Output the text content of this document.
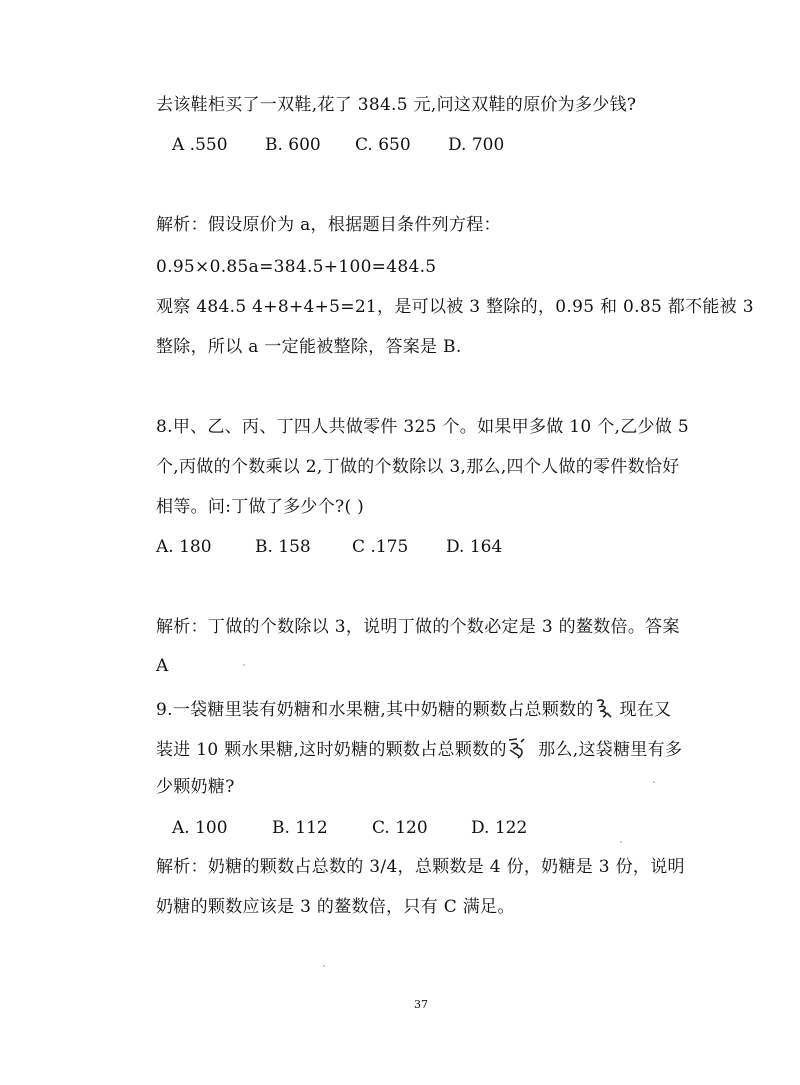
去该鞋柜买了一双鞋,花了 384.5 元,问这双鞋的原价为多少钱?
A .550 B. 600 C. 650 D. 700
解析：假设原价为 a，根据题目条件列方程：
0.95×0.85a=384.5+100=484.5
观察 484.5 4+8+4+5=21，是可以被 3 整除的，0.95 和 0.85 都不能被 3
整除，所以 a 一定能被整除，答案是 B.
8.甲、乙、丙、丁四人共做零件 325 个。如果甲多做 10 个,乙少做 5
个,丙做的个数乘以 2,丁做的个数除以 3,那么,四个人做的零件数恰好
相等。问:丁做了多少个?( )
A. 180	B. 158 C .175 D. 164
解析：丁做的个数除以 3，说明丁做的个数必定是 3 的鳌数倍。答案
A
9.一袋糖里装有奶糖和水果糖,其中奶糖的颗数占总颗数的 现在又
装进 10 颗水果糖,这时奶糖的颗数占总颗数的 那么,这袋糖里有多
少颗奶糖?
A. 100	B. 112	C. 120	D. 122
解析：奶糖的颗数占总数的 3/4，总颗数是 4 份，奶糖是 3 份，说明
奶糖的颗数应该是 3 的鳌数倍，只有 C 满足。
37
